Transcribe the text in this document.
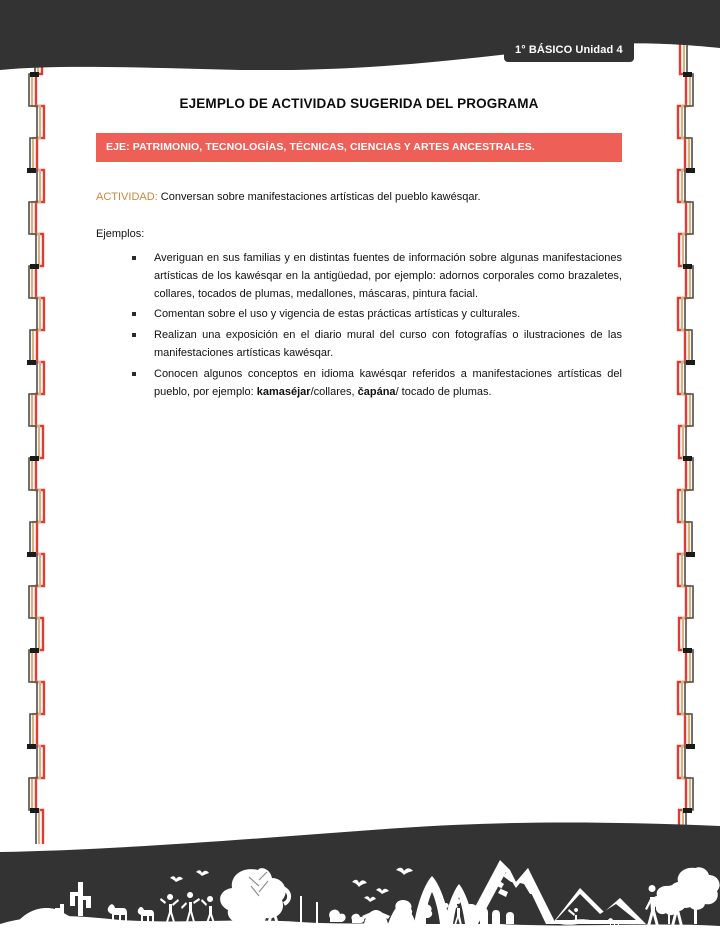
1° BÁSICO Unidad 4
EJEMPLO DE ACTIVIDAD SUGERIDA DEL PROGRAMA
EJE: PATRIMONIO, TECNOLOGÍAS, TÉCNICAS, CIENCIAS Y ARTES ANCESTRALES.
ACTIVIDAD: Conversan sobre manifestaciones artísticas del pueblo kawésqar.
Ejemplos:
Averiguan en sus familias y en distintas fuentes de información sobre algunas manifestaciones artísticas de los kawésqar en la antigüedad, por ejemplo: adornos corporales como brazaletes, collares, tocados de plumas, medallones, máscaras, pintura facial.
Comentan sobre el uso y vigencia de estas prácticas artísticas y culturales.
Realizan una exposición en el diario mural del curso con fotografías o ilustraciones de las manifestaciones artísticas kawésqar.
Conocen algunos conceptos en idioma kawésqar referidos a manifestaciones artísticas del pueblo, por ejemplo: kamaséjar/collares, čapána/ tocado de plumas.
